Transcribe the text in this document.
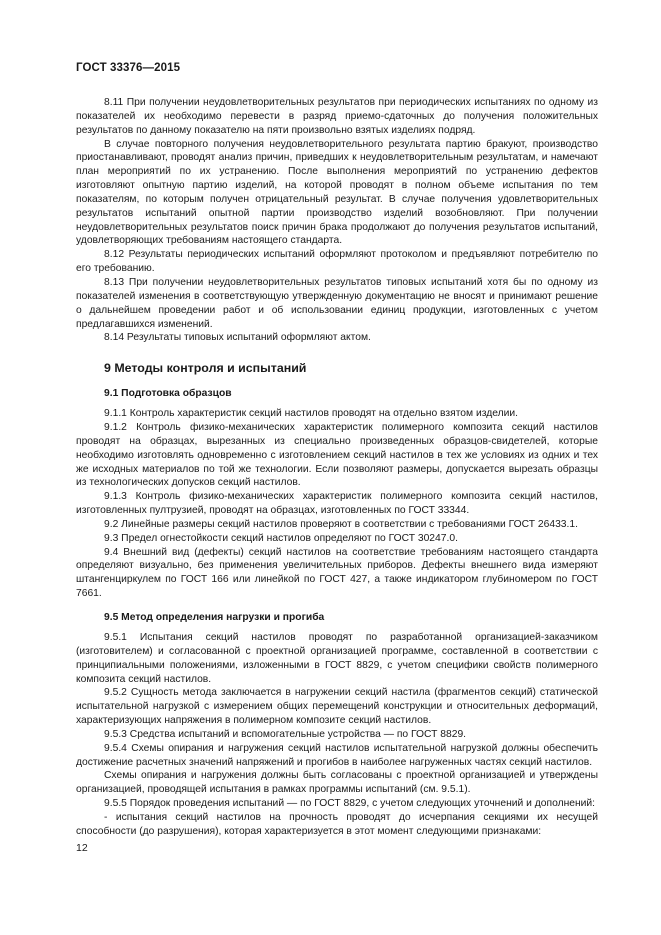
ГОСТ 33376—2015

8.11 При получении неудовлетворительных результатов при периодических испытаниях по одному из показателей их необходимо перевести в разряд приемо-сдаточных до получения положительных результатов по данному показателю на пяти произвольно взятых изделиях подряд.

В случае повторного получения неудовлетворительного результата партию бракуют, производство приостанавливают, проводят анализ причин, приведших к неудовлетворительным результатам, и намечают план мероприятий по их устранению. После выполнения мероприятий по устранению дефектов изготовляют опытную партию изделий, на которой проводят в полном объеме испытания по тем показателям, по которым получен отрицательный результат. В случае получения удовлетворительных результатов испытаний опытной партии производство изделий возобновляют. При получении неудовлетворительных результатов поиск причин брака продолжают до получения результатов испытаний, удовлетворяющих требованиям настоящего стандарта.

8.12 Результаты периодических испытаний оформляют протоколом и предъявляют потребителю по его требованию.

8.13 При получении неудовлетворительных результатов типовых испытаний хотя бы по одному из показателей изменения в соответствующую утвержденную документацию не вносят и принимают решение о дальнейшем проведении работ и об использовании единиц продукции, изготовленных с учетом предлагавшихся изменений.

8.14 Результаты типовых испытаний оформляют актом.

9 Методы контроля и испытаний
9.1 Подготовка образцов

9.1.1 Контроль характеристик секций настилов проводят на отдельно взятом изделии.

9.1.2 Контроль физико-механических характеристик полимерного композита секций настилов проводят на образцах, вырезанных из специально произведенных образцов-свидетелей, которые необходимо изготовлять одновременно с изготовлением секций настилов в тех же условиях из одних и тех же исходных материалов по той же технологии. Если позволяют размеры, допускается вырезать образцы из технологических допусков секций настилов.

9.1.3 Контроль физико-механических характеристик полимерного композита секций настилов, изготовленных пултрузией, проводят на образцах, изготовленных по ГОСТ 33344.

9.2 Линейные размеры секций настилов проверяют в соответствии с требованиями ГОСТ 26433.1.

9.3 Предел огнестойкости секций настилов определяют по ГОСТ 30247.0.

9.4 Внешний вид (дефекты) секций настилов на соответствие требованиям настоящего стандарта определяют визуально, без применения увеличительных приборов. Дефекты внешнего вида измеряют штангенциркулем по ГОСТ 166 или линейкой по ГОСТ 427, а также индикатором глубиномером по ГОСТ 7661.

9.5 Метод определения нагрузки и прогиба

9.5.1 Испытания секций настилов проводят по разработанной организацией-заказчиком (изготовителем) и согласованной с проектной организацией программе, составленной в соответствии с принципиальными положениями, изложенными в ГОСТ 8829, с учетом специфики свойств полимерного композита секций настилов.

9.5.2 Сущность метода заключается в нагружении секций настила (фрагментов секций) статической испытательной нагрузкой с измерением общих перемещений конструкции и относительных деформаций, характеризующих напряжения в полимерном композите секций настилов.

9.5.3 Средства испытаний и вспомогательные устройства — по ГОСТ 8829.

9.5.4 Схемы опирания и нагружения секций настилов испытательной нагрузкой должны обеспечить достижение расчетных значений напряжений и прогибов в наиболее нагруженных частях секций настилов.

Схемы опирания и нагружения должны быть согласованы с проектной организацией и утверждены организацией, проводящей испытания в рамках программы испытаний (см. 9.5.1).

9.5.5 Порядок проведения испытаний — по ГОСТ 8829, с учетом следующих уточнений и дополнений:

- испытания секций настилов на прочность проводят до исчерпания секциями их несущей способности (до разрушения), которая характеризуется в этот момент следующими признаками:

12
